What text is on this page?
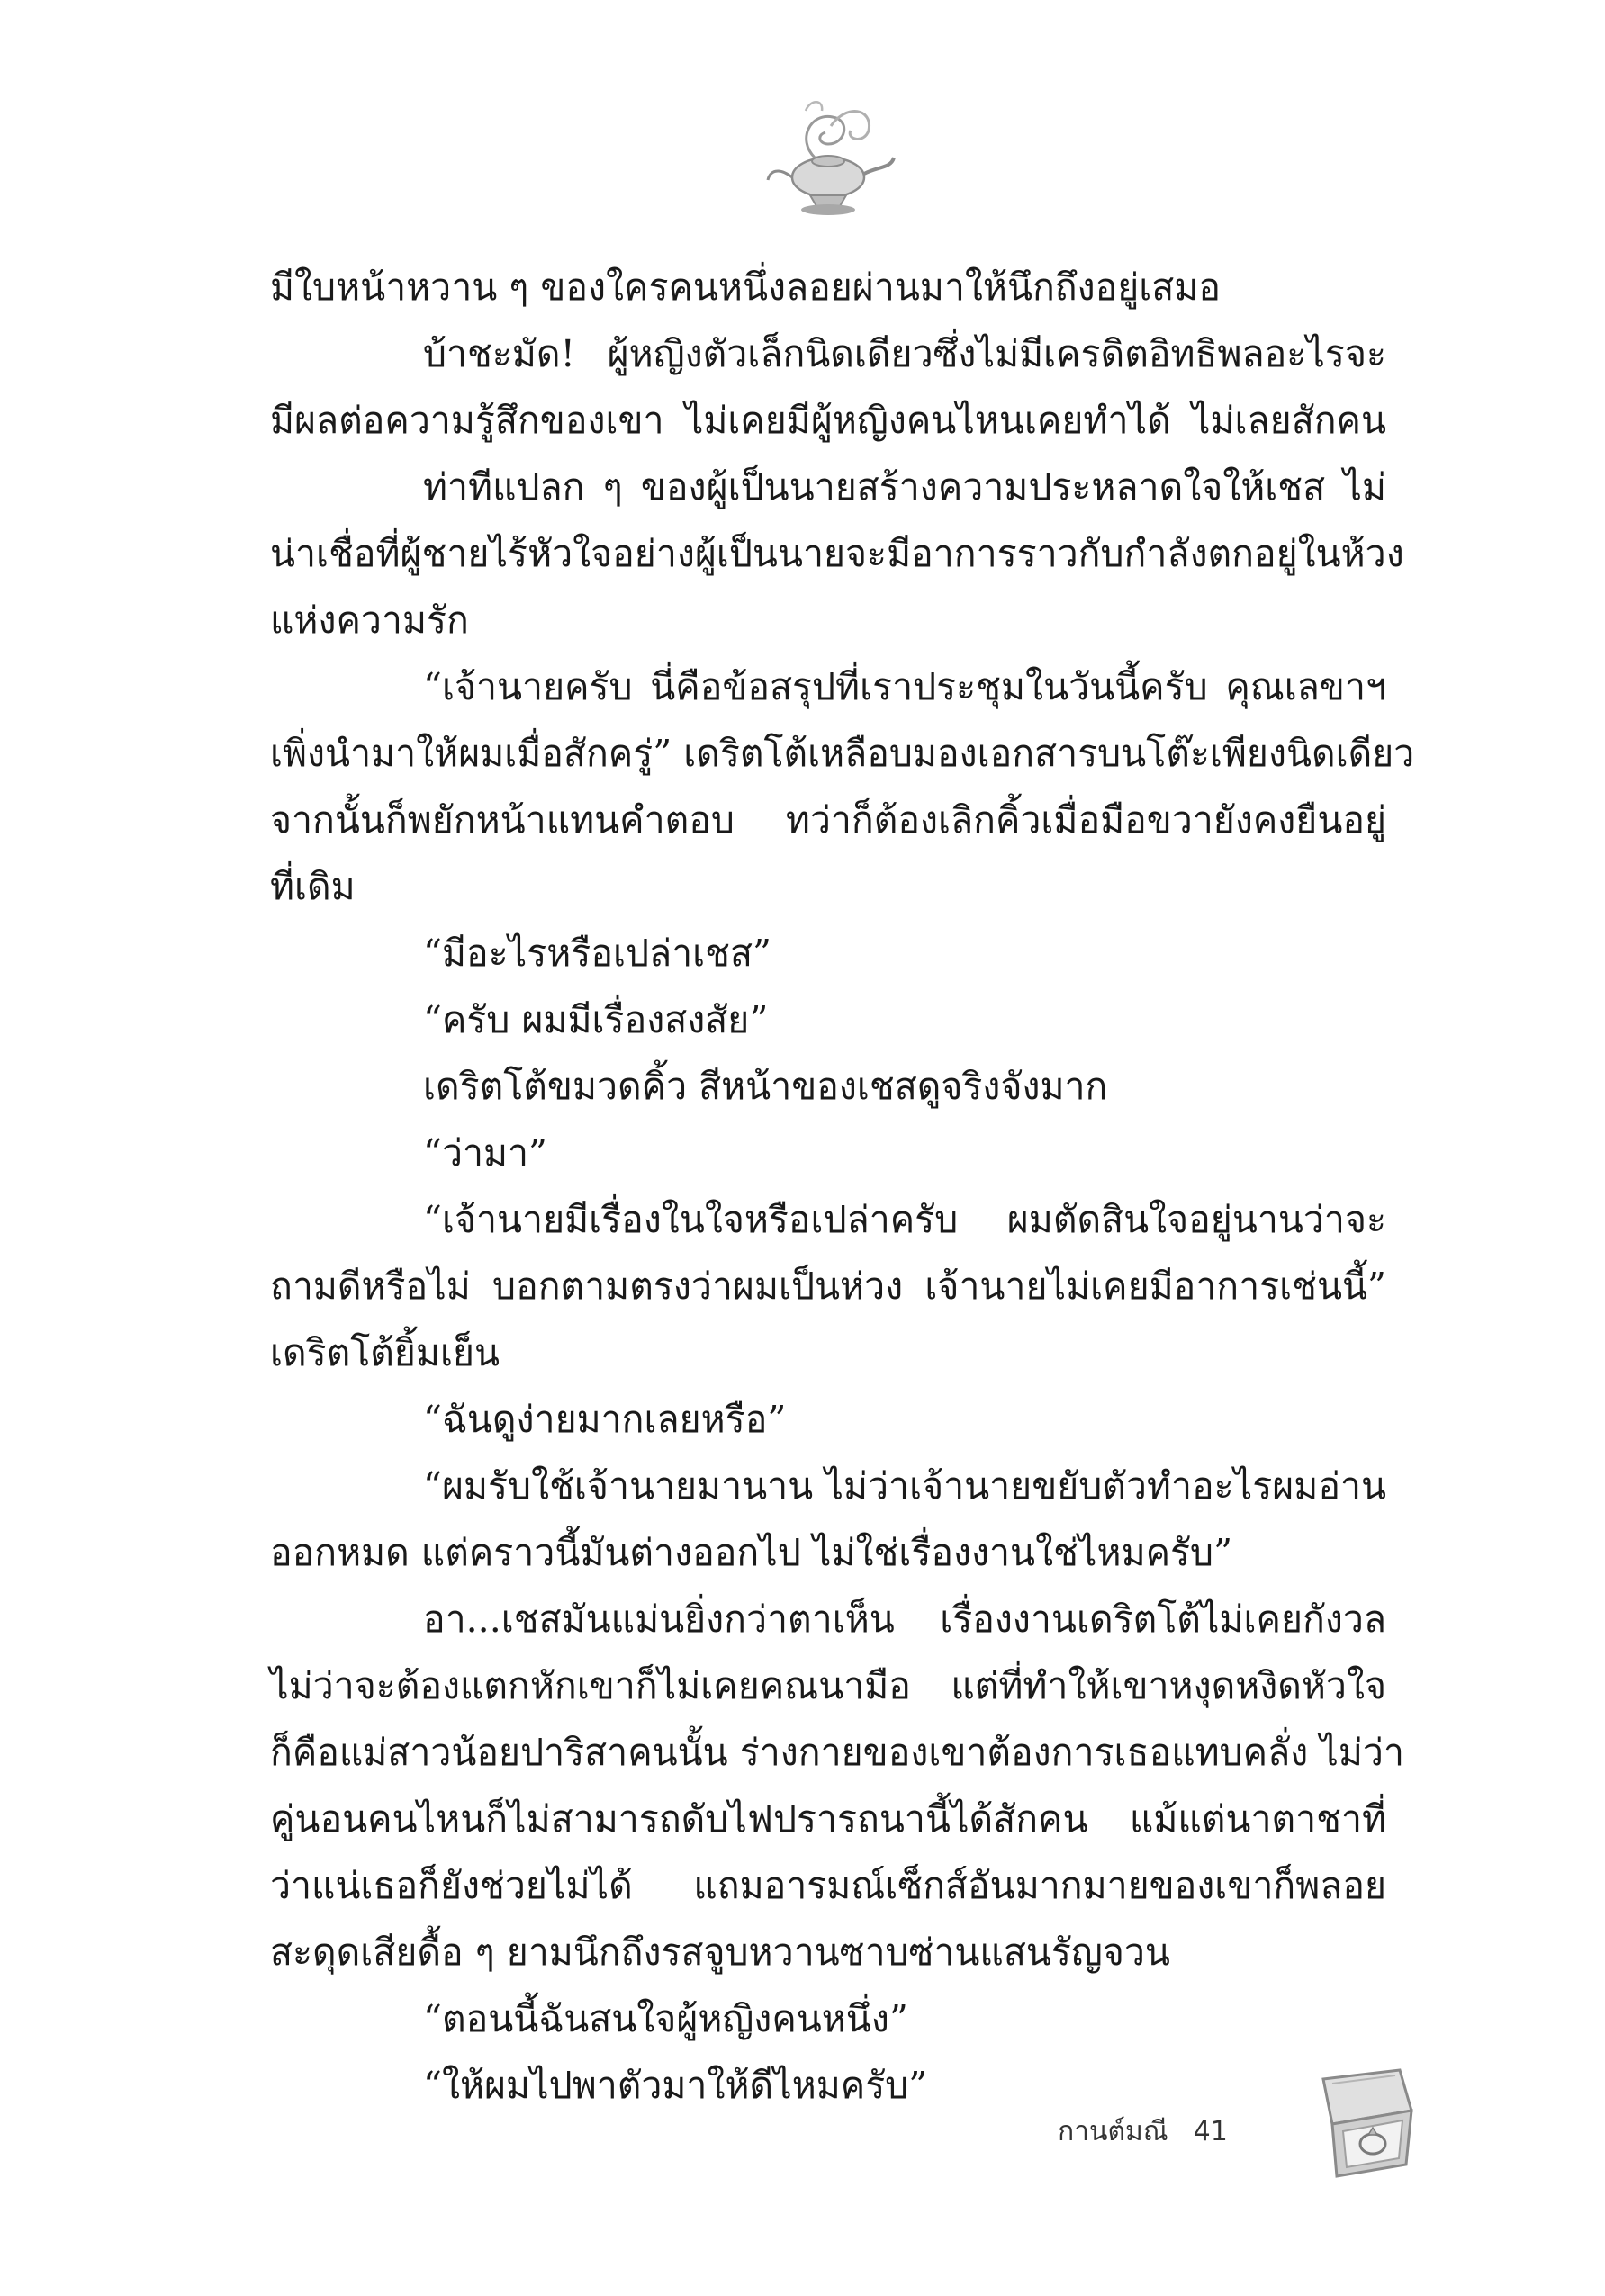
มีใบหน้าหวาน ๆ ของใครคนหนึ่งลอยผ่านมาให้นึกถึงอยู่เสมอ
บ้าชะมัด! ผู้หญิงตัวเล็กนิดเดียวซึ่งไม่มีเครดิตอิทธิพลอะไรจะ
มีผลต่อความรู้สึกของเขา ไม่เคยมีผู้หญิงคนไหนเคยทำได้ ไม่เลยสักคน
ท่าทีแปลก ๆ ของผู้เป็นนายสร้างความประหลาดใจให้เชส ไม่
น่าเชื่อที่ผู้ชายไร้หัวใจอย่างผู้เป็นนายจะมีอาการราวกับกำลังตกอยู่ในห้วง
แห่งความรัก
“เจ้านายครับ นี่คือข้อสรุปที่เราประชุมในวันนี้ครับ คุณเลขาฯ
เพิ่งนำมาให้ผมเมื่อสักครู่” เดริตโต้เหลือบมองเอกสารบนโต๊ะเพียงนิดเดียว
จากนั้นก็พยักหน้าแทนคำตอบ ทว่าก็ต้องเลิกคิ้วเมื่อมือขวายังคงยืนอยู่
ที่เดิม
“มีอะไรหรือเปล่าเชส”
“ครับ ผมมีเรื่องสงสัย”
เดริตโต้ขมวดคิ้ว สีหน้าของเชสดูจริงจังมาก
“ว่ามา”
“เจ้านายมีเรื่องในใจหรือเปล่าครับ ผมตัดสินใจอยู่นานว่าจะ
ถามดีหรือไม่ บอกตามตรงว่าผมเป็นห่วง เจ้านายไม่เคยมีอาการเช่นนี้”
เดริตโต้ยิ้มเย็น
“ฉันดูง่ายมากเลยหรือ”
“ผมรับใช้เจ้านายมานาน ไม่ว่าเจ้านายขยับตัวทำอะไรผมอ่าน
ออกหมด แต่คราวนี้มันต่างออกไป ไม่ใช่เรื่องงานใช่ไหมครับ”
อา...เชสมันแม่นยิ่งกว่าตาเห็น เรื่องงานเดริตโต้ไม่เคยกังวล
ไม่ว่าจะต้องแตกหักเขาก็ไม่เคยคณนามือ แต่ที่ทำให้เขาหงุดหงิดหัวใจ
ก็คือแม่สาวน้อยปาริสาคนนั้น ร่างกายของเขาต้องการเธอแทบคลั่ง ไม่ว่า
คู่นอนคนไหนก็ไม่สามารถดับไฟปรารถนานี้ได้สักคน แม้แต่นาตาชาที่
ว่าแน่เธอก็ยังช่วยไม่ได้ แถมอารมณ์เซ็กส์อันมากมายของเขาก็พลอย
สะดุดเสียดื้อ ๆ ยามนึกถึงรสจูบหวานซาบซ่านแสนรัญจวน
“ตอนนี้ฉันสนใจผู้หญิงคนหนึ่ง”
“ให้ผมไปพาตัวมาให้ดีไหมครับ”
กานต์มณี 41
